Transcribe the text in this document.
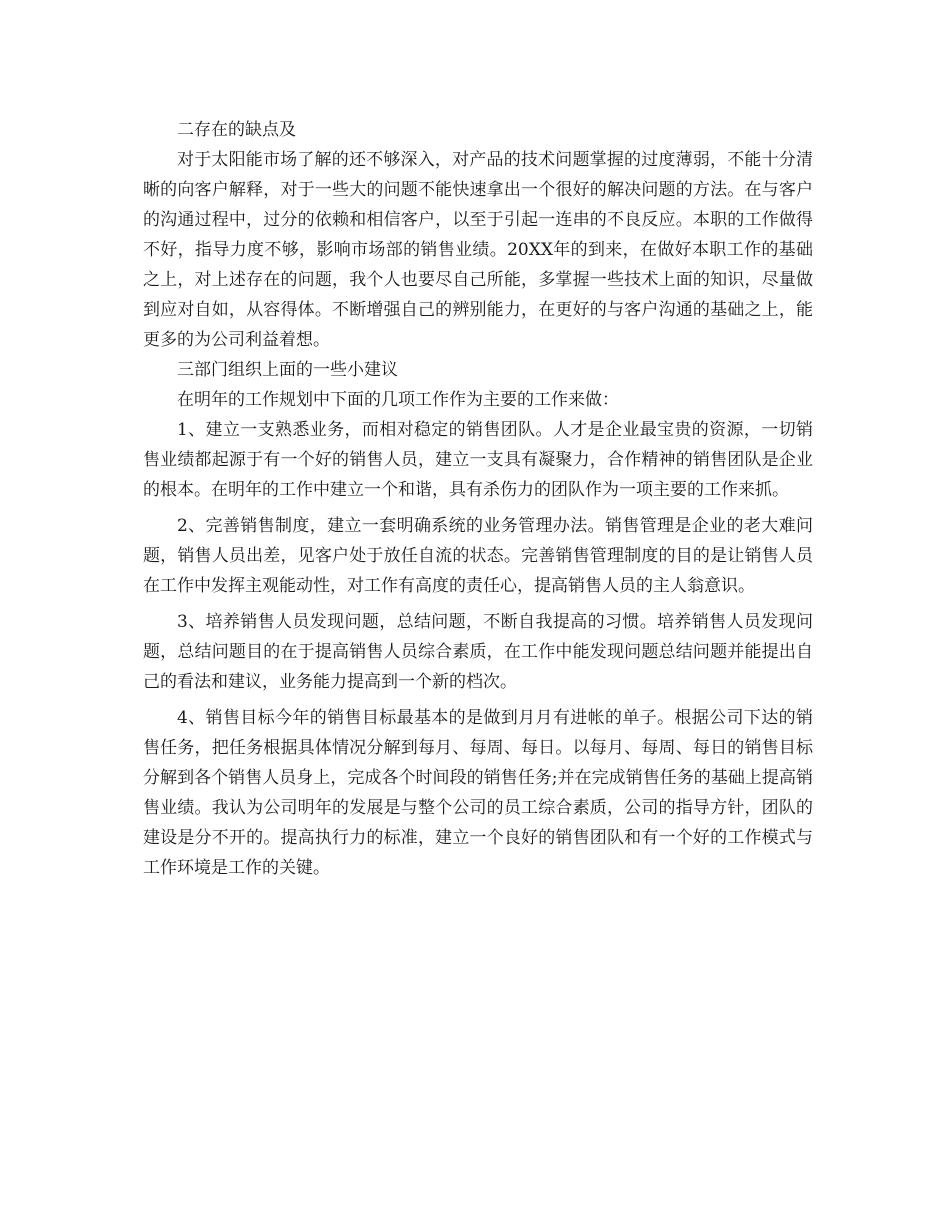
二存在的缺点及

对于太阳能市场了解的还不够深入，对产品的技术问题掌握的过度薄弱，不能十分清晰的向客户解释，对于一些大的问题不能快速拿出一个很好的解决问题的方法。在与客户的沟通过程中，过分的依赖和相信客户，以至于引起一连串的不良反应。本职的工作做得不好，指导力度不够，影响市场部的销售业绩。20XX年的到来，在做好本职工作的基础之上，对上述存在的问题，我个人也要尽自己所能，多掌握一些技术上面的知识，尽量做到应对自如，从容得体。不断增强自己的辨别能力，在更好的与客户沟通的基础之上，能更多的为公司利益着想。

三部门组织上面的一些小建议

在明年的工作规划中下面的几项工作作为主要的工作来做：

1、建立一支熟悉业务，而相对稳定的销售团队。人才是企业最宝贵的资源，一切销售业绩都起源于有一个好的销售人员，建立一支具有凝聚力，合作精神的销售团队是企业的根本。在明年的工作中建立一个和谐，具有杀伤力的团队作为一项主要的工作来抓。

2、完善销售制度，建立一套明确系统的业务管理办法。销售管理是企业的老大难问题，销售人员出差，见客户处于放任自流的状态。完善销售管理制度的目的是让销售人员在工作中发挥主观能动性，对工作有高度的责任心，提高销售人员的主人翁意识。

3、培养销售人员发现问题，总结问题，不断自我提高的习惯。培养销售人员发现问题，总结问题目的在于提高销售人员综合素质，在工作中能发现问题总结问题并能提出自己的看法和建议，业务能力提高到一个新的档次。

4、销售目标今年的销售目标最基本的是做到月月有进帐的单子。根据公司下达的销售任务，把任务根据具体情况分解到每月、每周、每日。以每月、每周、每日的销售目标分解到各个销售人员身上，完成各个时间段的销售任务;并在完成销售任务的基础上提高销售业绩。我认为公司明年的发展是与整个公司的员工综合素质，公司的指导方针，团队的建设是分不开的。提高执行力的标准，建立一个良好的销售团队和有一个好的工作模式与工作环境是工作的关键。
